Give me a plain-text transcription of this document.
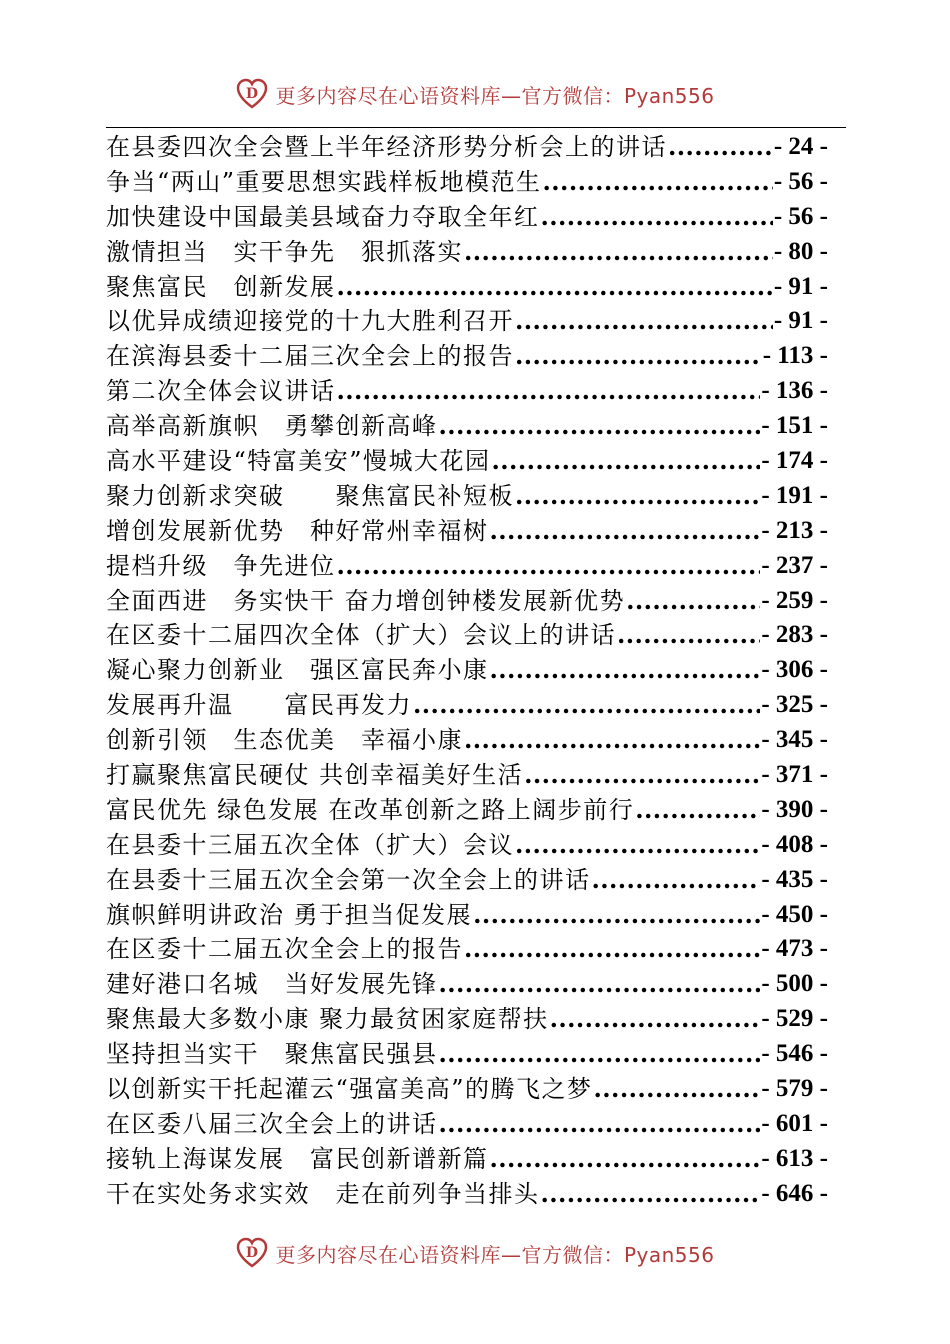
D 更多内容尽在心语资料库—官方微信：Pyan556
在县委四次全会暨上半年经济形势分析会上的讲话 .....	- 24 -
争当“两山”重要思想实践样板地模范生 .....	- 56 -
加快建设中国最美县域奋力夺取全年红 .....	- 56 -
激情担当　实干争先　狠抓落实 .....	- 80 -
聚焦富民　创新发展 .....	- 91 -
以优异成绩迎接党的十九大胜利召开 .....	- 91 -
在滨海县委十二届三次全会上的报告 .....	- 113 -
第二次全体会议讲话 .....	- 136 -
高举高新旗帜　勇攀创新高峰 .....	- 151 -
高水平建设“特富美安”慢城大花园 .....	- 174 -
聚力创新求突破　　聚焦富民补短板 .....	- 191 -
增创发展新优势　种好常州幸福树 .....	- 213 -
提档升级　争先进位 .....	- 237 -
全面西进　务实快干 奋力增创钟楼发展新优势 .....	- 259 -
在区委十二届四次全体（扩大）会议上的讲话 .....	- 283 -
凝心聚力创新业　强区富民奔小康 .....	- 306 -
发展再升温　　富民再发力 .....	- 325 -
创新引领　生态优美　幸福小康 .....	- 345 -
打赢聚焦富民硬仗 共创幸福美好生活 .....	- 371 -
富民优先 绿色发展 在改革创新之路上阔步前行 .....	- 390 -
在县委十三届五次全体（扩大）会议 .....	- 408 -
在县委十三届五次全会第一次全会上的讲话 .....	- 435 -
旗帜鲜明讲政治 勇于担当促发展 .....	- 450 -
在区委十二届五次全会上的报告 .....	- 473 -
建好港口名城　当好发展先锋 .....	- 500 -
聚焦最大多数小康 聚力最贫困家庭帮扶 .....	- 529 -
坚持担当实干　聚焦富民强县 .....	- 546 -
以创新实干托起灌云“强富美高”的腾飞之梦 .....	- 579 -
在区委八届三次全会上的讲话 .....	- 601 -
接轨上海谋发展　富民创新谱新篇 .....	- 613 -
干在实处务求实效　走在前列争当排头 .....	- 646 -
D 更多内容尽在心语资料库—官方微信：Pyan556
